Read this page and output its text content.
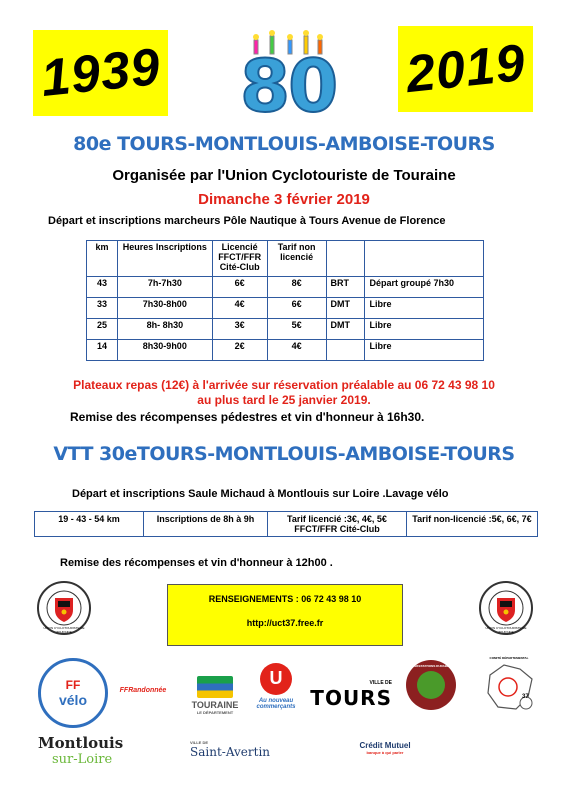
1939	2019
80
80e TOURS-MONTLOUIS-AMBOISE-TOURS
Organisée par l'Union Cyclotouriste de Touraine
Dimanche 3 février 2019
Départ et inscriptions marcheurs Pôle Nautique à Tours Avenue de Florence
km	Heures Inscriptions	Licencié FFCT/FFR Cité-Club	Tarif non licencié		
43	7h-7h30	6€	8€	BRT	Départ groupé 7h30
33	7h30-8h00	4€	6€	DMT	Libre
25	8h- 8h30	3€	5€	DMT	Libre
14	8h30-9h00	2€	4€		Libre
Plateaux repas (12€) à l'arrivée sur réservation préalable au 06 72 43 98 10
au plus tard le 25 janvier 2019.
Remise des récompenses pédestres et vin d'honneur à 16h30.
VTT 30eTOURS-MONTLOUIS-AMBOISE-TOURS
Départ et inscriptions Saule Michaud à Montlouis sur Loire .Lavage vélo
19 - 43 - 54 km	Inscriptions de 8h à 9h	Tarif licencié :3€, 4€, 5€ FFCT/FFR Cité-Club	Tarif non-licencié :5€, 6€, 7€
Remise des récompenses et vin d'honneur à 12h00 .
RENSEIGNEMENTS : 06 72 43 98 10
http://uct37.free.fr
UNION CYCLOTOURISTE DE TOURAINE
UNION CYCLOTOURISTE DE TOURAINE
FF
vélo
FFRandonnée
TOURAINE
LE DÉPARTEMENT
U
Au nouveau commerçants
VILLE DE
TOURS
MANIFESTATIONS DURABLES
COMITÉ DÉPARTEMENTAL
37
Montlouis
sur-Loire
VILLE DE
Saint-Avertin	Crédit Mutuel
banque à qui parler
